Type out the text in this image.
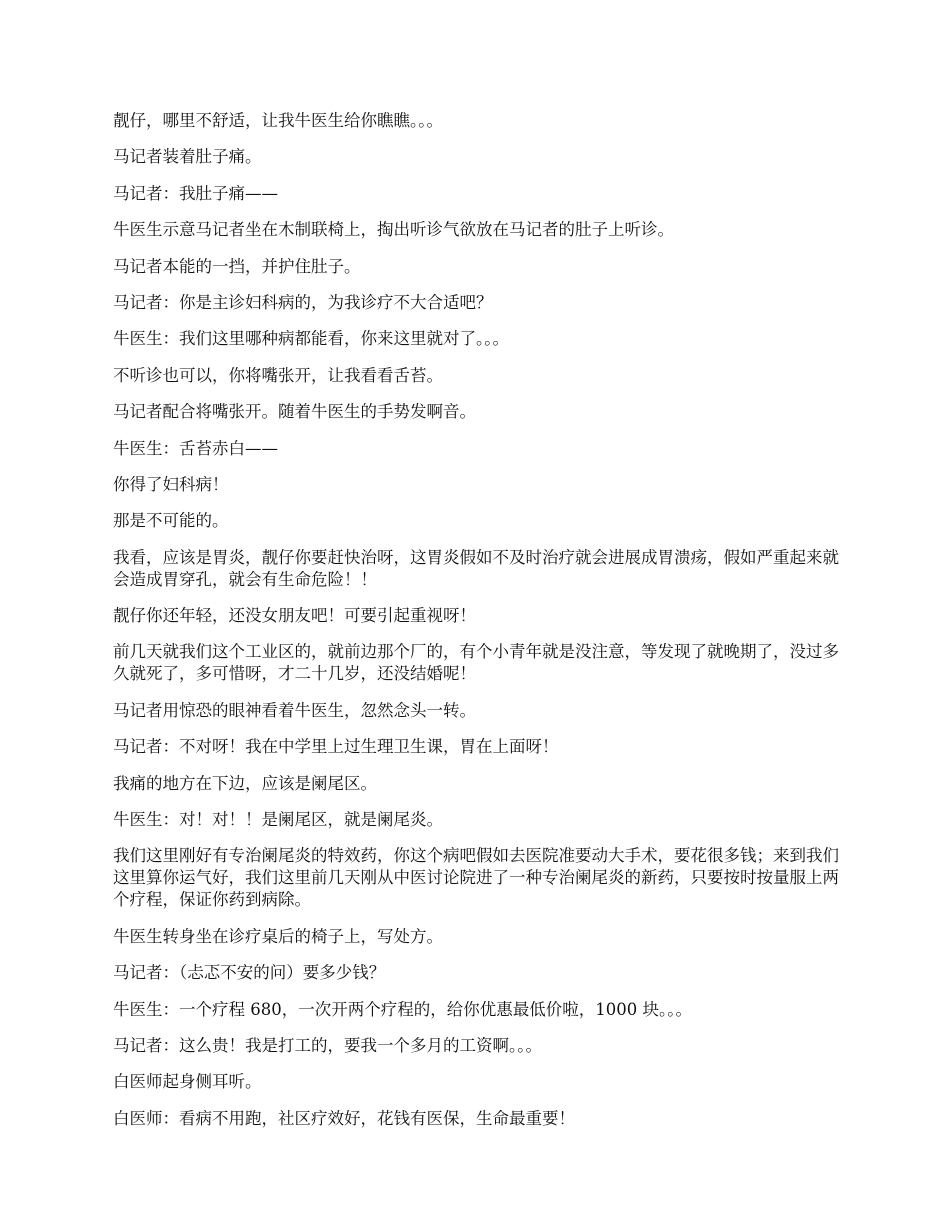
靓仔，哪里不舒适，让我牛医生给你瞧瞧。。。

马记者装着肚子痛。

马记者：我肚子痛——

牛医生示意马记者坐在木制联椅上，掏出听诊气欲放在马记者的肚子上听诊。

马记者本能的一挡，并护住肚子。

马记者：你是主诊妇科病的，为我诊疗不大合适吧？

牛医生：我们这里哪种病都能看，你来这里就对了。。。

不听诊也可以，你将嘴张开，让我看看舌苔。

马记者配合将嘴张开。随着牛医生的手势发啊音。

牛医生：舌苔赤白——

你得了妇科病！

那是不可能的。

我看，应该是胃炎，靓仔你要赶快治呀，这胃炎假如不及时治疗就会进展成胃溃疡，假如严重起来就会造成胃穿孔，就会有生命危险！！

靓仔你还年轻，还没女朋友吧！可要引起重视呀！

前几天就我们这个工业区的，就前边那个厂的，有个小青年就是没注意，等发现了就晚期了，没过多久就死了，多可惜呀，才二十几岁，还没结婚呢！

马记者用惊恐的眼神看着牛医生，忽然念头一转。

马记者：不对呀！我在中学里上过生理卫生课，胃在上面呀！

我痛的地方在下边，应该是阑尾区。

牛医生：对！对！！是阑尾区，就是阑尾炎。

我们这里刚好有专治阑尾炎的特效药，你这个病吧假如去医院准要动大手术，要花很多钱；来到我们这里算你运气好，我们这里前几天刚从中医讨论院进了一种专治阑尾炎的新药，只要按时按量服上两个疗程，保证你药到病除。

牛医生转身坐在诊疗桌后的椅子上，写处方。

马记者：（忐忑不安的问）要多少钱？

牛医生：一个疗程 680，一次开两个疗程的，给你优惠最低价啦，1000 块。。。

马记者：这么贵！我是打工的，要我一个多月的工资啊。。。

白医师起身侧耳听。

白医师：看病不用跑，社区疗效好，花钱有医保，生命最重要！
